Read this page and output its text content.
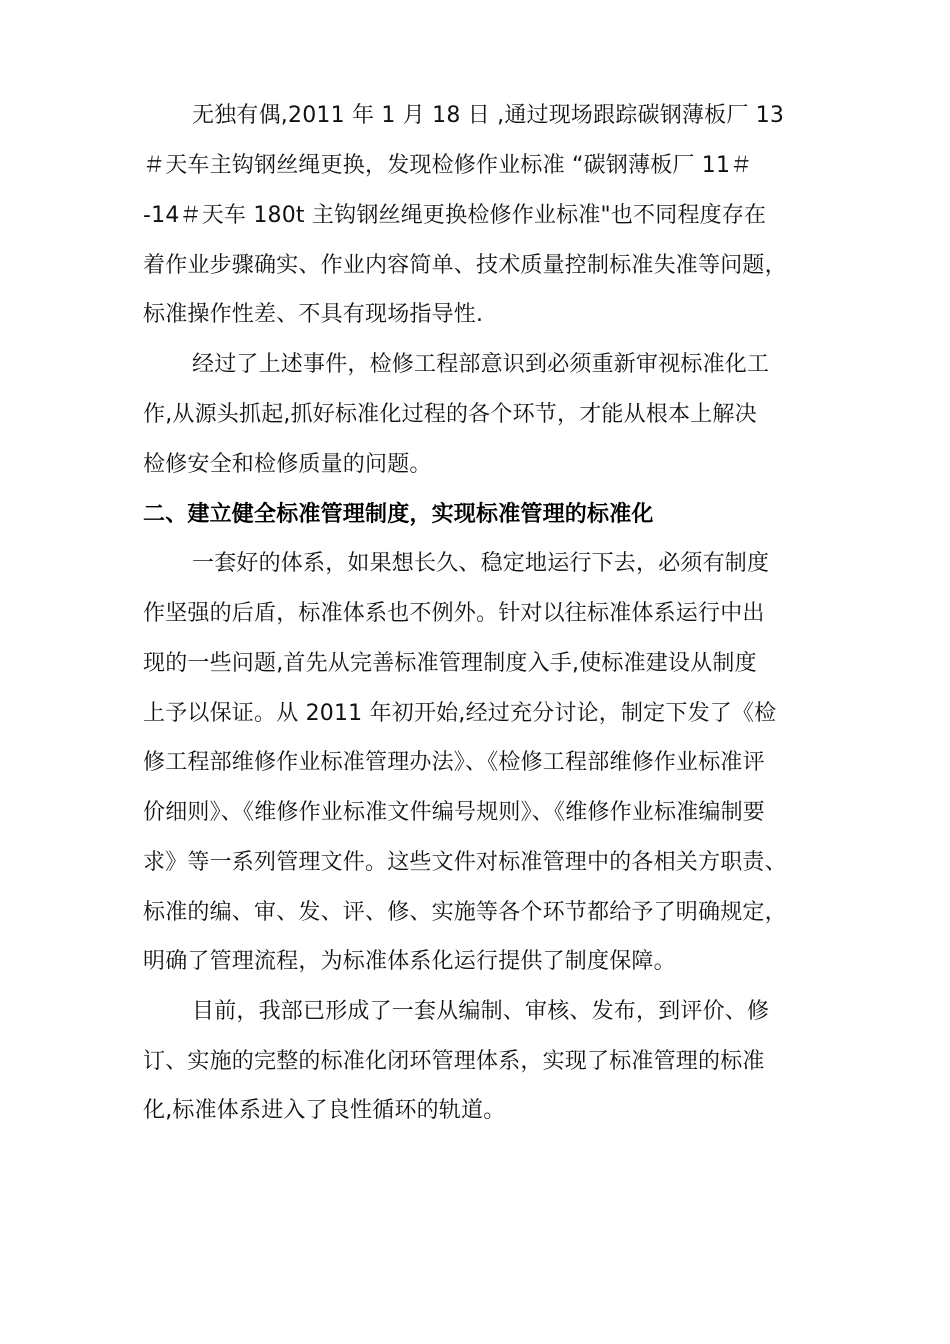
无独有偶,2011 年 1 月 18 日 ,通过现场跟踪碳钢薄板厂 13
＃天车主钩钢丝绳更换，发现检修作业标准 “碳钢薄板厂 11＃
-14＃天车 180t 主钩钢丝绳更换检修作业标准"也不同程度存在
着作业步骤确实、作业内容简单、技术质量控制标准失准等问题，
标准操作性差、不具有现场指导性.
经过了上述事件，检修工程部意识到必须重新审视标准化工
作,从源头抓起,抓好标准化过程的各个环节，才能从根本上解决
检修安全和检修质量的问题。
二、建立健全标准管理制度，实现标准管理的标准化
一套好的体系，如果想长久、稳定地运行下去，必须有制度
作坚强的后盾，标准体系也不例外。针对以往标准体系运行中出
现的一些问题,首先从完善标准管理制度入手,使标准建设从制度
上予以保证。从 2011 年初开始,经过充分讨论，制定下发了《检
修工程部维修作业标准管理办法》、《检修工程部维修作业标准评
价细则》、《维修作业标准文件编号规则》、《维修作业标准编制要
求》等一系列管理文件。这些文件对标准管理中的各相关方职责、
标准的编、审、发、评、修、实施等各个环节都给予了明确规定，
明确了管理流程，为标准体系化运行提供了制度保障。
目前，我部已形成了一套从编制、审核、发布，到评价、修
订、实施的完整的标准化闭环管理体系，实现了标准管理的标准
化,标准体系进入了良性循环的轨道。
